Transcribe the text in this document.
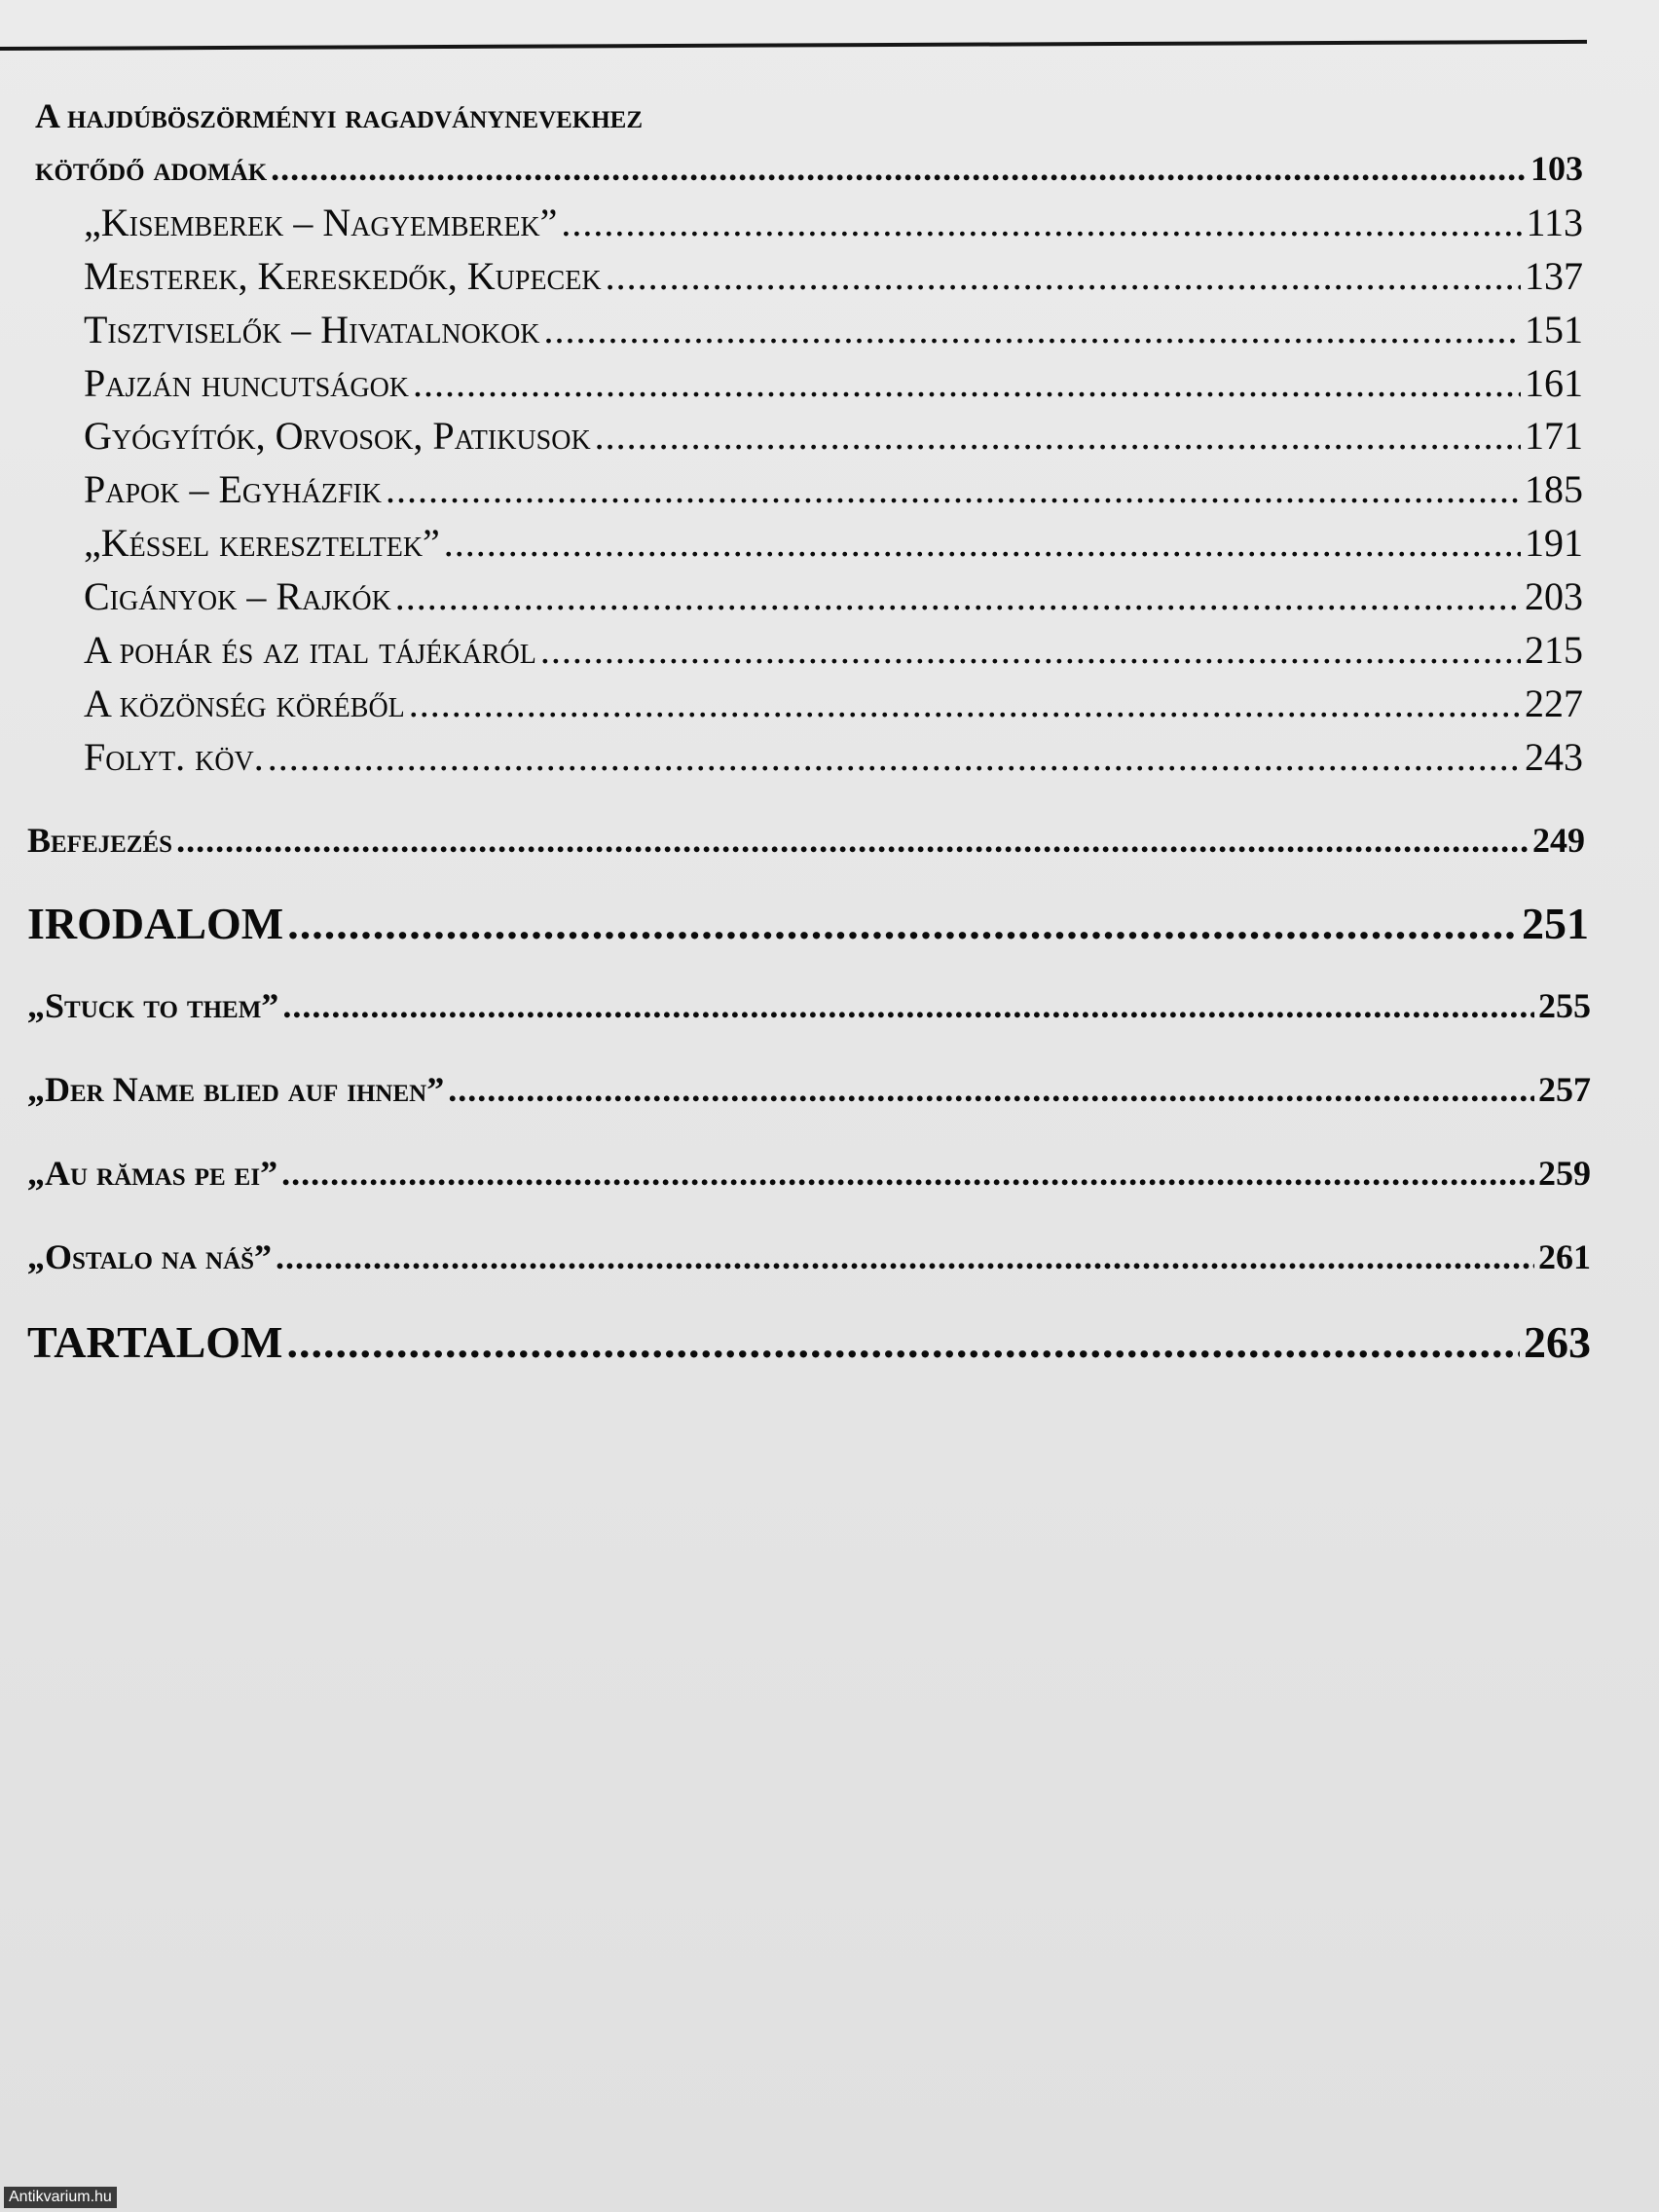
A hajdúböszörményi ragadványnevekhez
kötődő adomák .....	103
„Kisemberek – Nagyemberek” .....	113
Mesterek, Kereskedők, Kupecek .....	137
Tisztviselők – Hivatalnokok .....	151
Pajzán huncutságok .....	161
Gyógyítók, Orvosok, Patikusok .....	171
Papok – Egyházfik .....	185
„Késsel kereszteltek” .....	191
Cigányok – Rajkók .....	203
A pohár és az ital tájékáról .....	215
A közönség köréből .....	227
Folyt. köv. .....	243
Befejezés .....	249
IRODALOM .....	251
„Stuck to them” .....	255
„Der Name blied auf ihnen” .....	257
„Au rămas pe ei” .....	259
„Ostalo na náš” .....	261
TARTALOM .....	263
Antikvarium.hu
